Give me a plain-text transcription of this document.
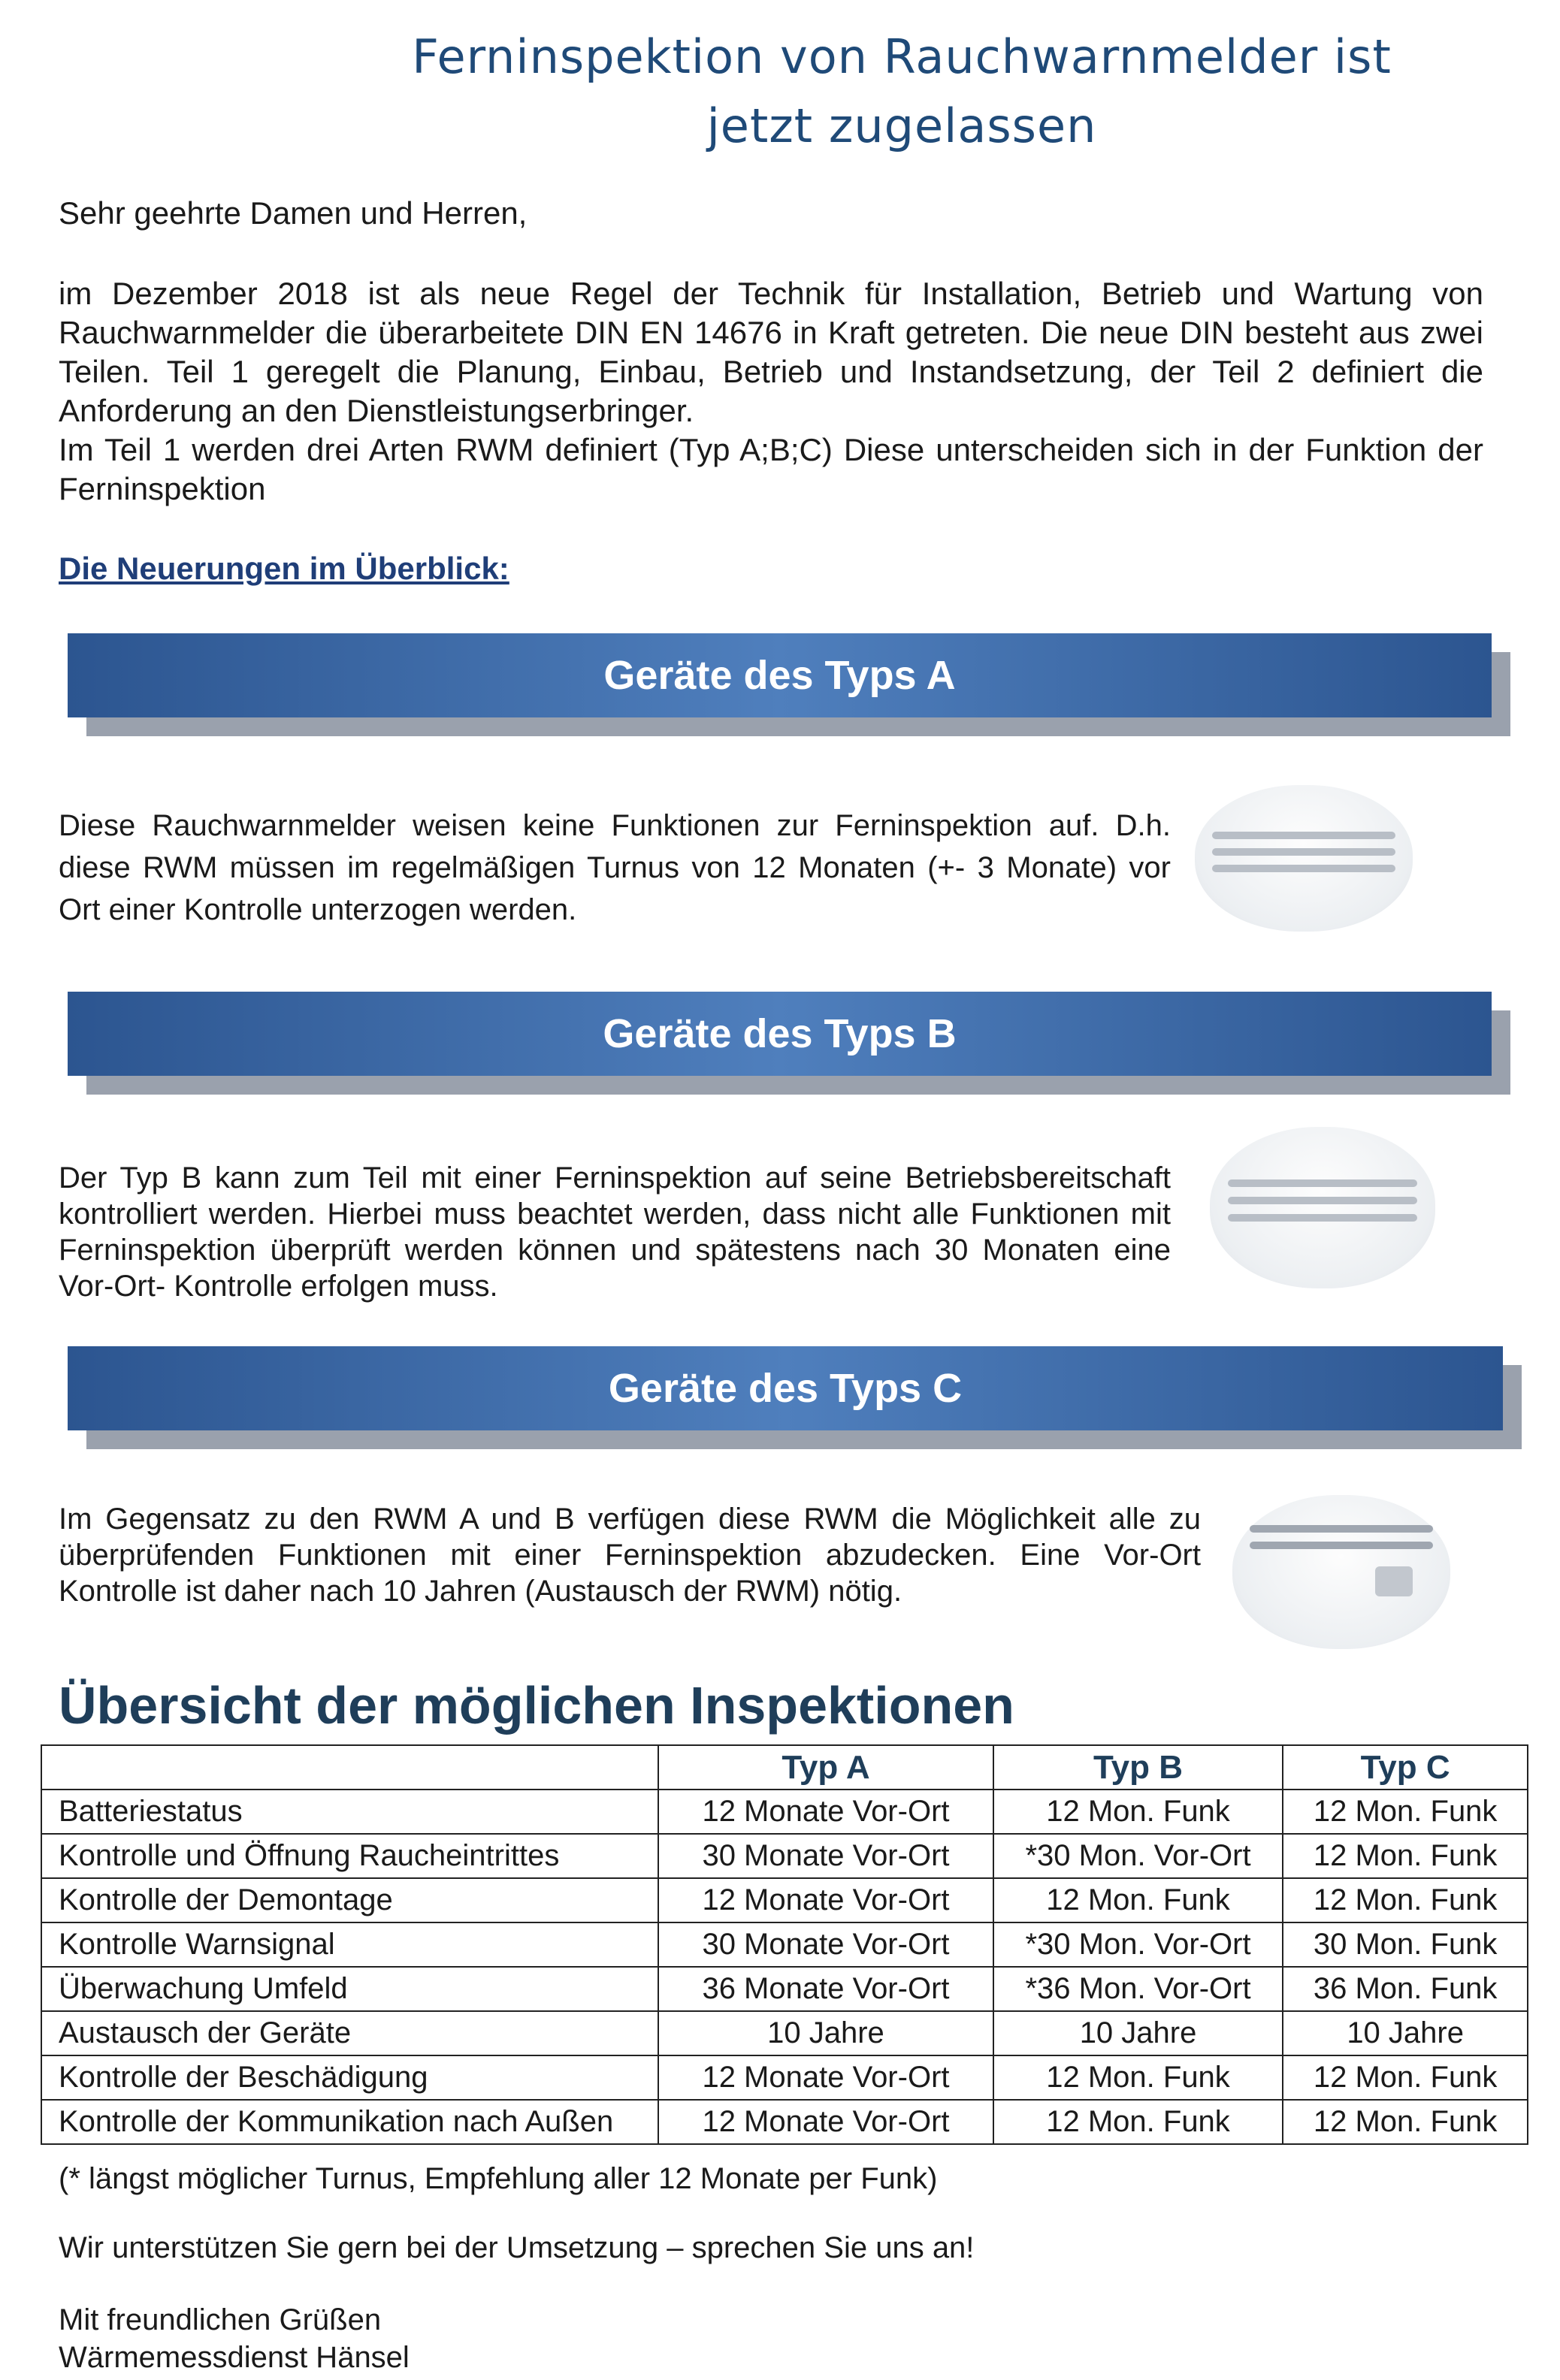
Ferninspektion von Rauchwarnmelder ist
jetzt zugelassen

Sehr geehrte Damen und Herren,

im Dezember 2018 ist als neue Regel der Technik für Installation, Betrieb und Wartung von Rauchwarnmelder die überarbeitete DIN EN 14676 in Kraft getreten. Die neue DIN besteht aus zwei Teilen. Teil 1 geregelt die Planung, Einbau, Betrieb und Instandsetzung, der Teil 2 definiert die Anforderung an den Dienstleistungserbringer.

Im Teil 1 werden drei Arten RWM definiert (Typ A;B;C) Diese unterscheiden sich in der Funktion der Ferninspektion

Die Neuerungen im Überblick:
Geräte des Typs A

Diese Rauchwarnmelder weisen keine Funktionen zur Ferninspektion auf. D.h. diese RWM müssen im regelmäßigen Turnus von 12 Monaten (+- 3 Monate) vor Ort einer Kontrolle unterzogen werden.

Geräte des Typs B

Der Typ B kann zum Teil mit einer Ferninspektion auf seine Betriebsbereitschaft kontrolliert werden. Hierbei muss beachtet werden, dass nicht alle Funktionen mit Ferninspektion überprüft werden können und spätestens nach 30 Monaten eine Vor-Ort- Kontrolle erfolgen muss.

Geräte des Typs C

Im Gegensatz zu den RWM A und B verfügen diese RWM die Möglichkeit alle zu überprüfenden Funktionen mit einer Ferninspektion abzudecken. Eine Vor-Ort Kontrolle ist daher nach 10 Jahren (Austausch der RWM) nötig.

Übersicht der möglichen Inspektionen
	Typ A	Typ B	Typ C
Batteriestatus	12 Monate Vor-Ort	12 Mon. Funk	12 Mon. Funk
Kontrolle und Öffnung Raucheintrittes	30 Monate Vor-Ort	*30 Mon. Vor-Ort	12 Mon. Funk
Kontrolle der Demontage	12 Monate Vor-Ort	12 Mon. Funk	12 Mon. Funk
Kontrolle Warnsignal	30 Monate Vor-Ort	*30 Mon. Vor-Ort	30 Mon. Funk
Überwachung Umfeld	36 Monate Vor-Ort	*36 Mon. Vor-Ort	36 Mon. Funk
Austausch der Geräte	10 Jahre	10 Jahre	10 Jahre
Kontrolle der Beschädigung	12 Monate Vor-Ort	12 Mon. Funk	12 Mon. Funk
Kontrolle der Kommunikation nach Außen	12 Monate Vor-Ort	12 Mon. Funk	12 Mon. Funk
(* längst möglicher Turnus, Empfehlung aller 12 Monate per Funk)
Wir unterstützen Sie gern bei der Umsetzung – sprechen Sie uns an!
Mit freundlichen Grüßen
Wärmemessdienst Hänsel
